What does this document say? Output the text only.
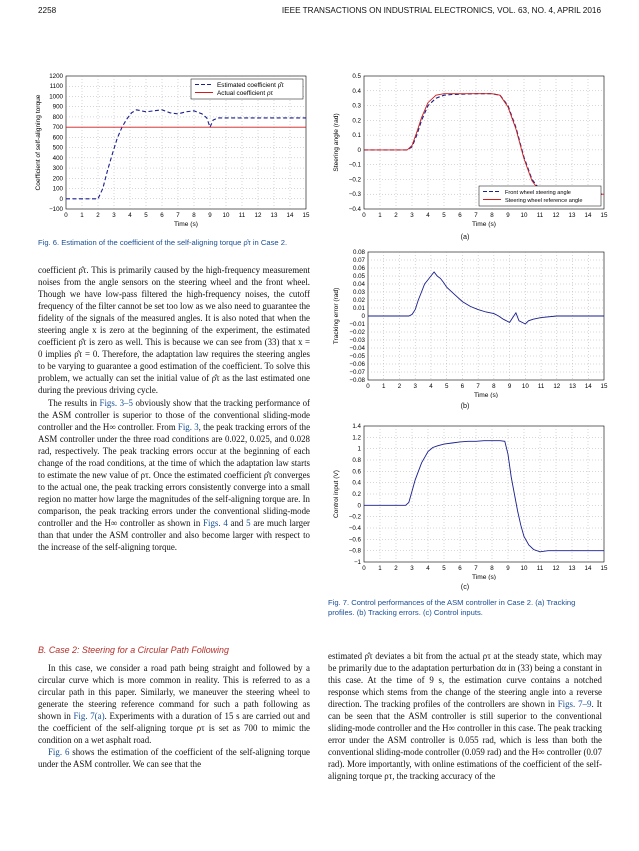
2258	IEEE TRANSACTIONS ON INDUSTRIAL ELECTRONICS, VOL. 63, NO. 4, APRIL 2016
0 1 2 3 4 5 6 7 8 9 10 11 12 13 14 15
−100
0
100
200
300
400
500
600
700
800
900
1000
1100
1200
Time (s)
Coefficient of self-aligning torque
Estimated coefficient ρ̂τ
Actual coefficient ρτ
Fig. 6. Estimation of the coefficient of the self-aligning torque ρ̂τ in Case 2.
0 1 2 3 4 5 6 7 8 9 10 11 12 13 14 15
−0.4
−0.3
−0.2
−0.1
0
0.1
0.2
0.3
0.4
0.5
Time (s)
Steering angle (rad)
Front wheel steering angle
Steering wheel reference angle
(a)
0 1 2 3 4 5 6 7 8 9 10 11 12 13 14 15
−0.08
−0.07
−0.06
−0.05
−0.04
−0.03
−0.02
−0.01
0
0.01
0.02
0.03
0.04
0.05
0.06
0.07
0.08
Time (s)
Tracking error (rad)
(b)
0 1 2 3 4 5 6 7 8 9 10 11 12 13 14 15
−1
−0.8
−0.6
−0.4
−0.2
0
0.2
0.4
0.6
0.8
1
1.2
1.4
Time (s)
Control input (V)
(c)
Fig. 7. Control performances of the ASM controller in Case 2. (a) Tracking profiles. (b) Tracking errors. (c) Control inputs.

coefficient ρ̂τ. This is primarily caused by the high-frequency measurement noises from the angle sensors on the steering wheel and the front wheel. Though we have low-pass filtered the high-frequency noises, the cutoff frequency of the filter cannot be set too low as we also need to guarantee the fidelity of the signals of the measured angles. It is also noted that when the steering angle x is zero at the beginning of the experiment, the estimated coefficient ρ̂τ is zero as well. This is because we can see from (33) that x = 0 implies ρ̂τ = 0. Therefore, the adaptation law requires the steering angles to be varying to guarantee a good estimation of the coefficient. To solve this problem, we actually can set the initial value of ρ̂τ as the last estimated one during the previous driving cycle.

The results in Figs. 3–5 obviously show that the tracking performance of the ASM controller is superior to those of the conventional sliding-mode controller and the H∞ controller. From Fig. 3, the peak tracking errors of the ASM controller under the three road conditions are 0.022, 0.025, and 0.028 rad, respectively. The peak tracking errors occur at the beginning of each change of the road conditions, at the time of which the adaptation law starts to estimate the new value of ρτ. Once the estimated coefficient ρ̂τ converges to the actual one, the peak tracking errors consistently converge into a small region no matter how large the magnitudes of the self-aligning torque are. In comparison, the peak tracking errors under the conventional sliding-mode controller and the H∞ controller as shown in Figs. 4 and 5 are much larger than that under the ASM controller and also become larger with respect to the increase of the self-aligning torque.

B. Case 2: Steering for a Circular Path Following

In this case, we consider a road path being straight and followed by a circular curve which is more common in reality. This is referred to as a circular path in this paper. Similarly, we maneuver the steering wheel to generate the steering reference command for such a path following as shown in Fig. 7(a). Experiments with a duration of 15 s are carried out and the coefficient of the self-aligning torque ρτ is set as 700 to mimic the condition on a wet asphalt road.

Fig. 6 shows the estimation of the coefficient of the self-aligning torque under the ASM controller. We can see that the

estimated ρ̂τ deviates a bit from the actual ρτ at the steady state, which may be primarily due to the adaptation perturbation dα in (33) being a constant in this case. At the time of 9 s, the estimation curve contains a notched response which stems from the change of the steering angle into a reverse direction. The tracking profiles of the controllers are shown in Figs. 7–9. It can be seen that the ASM controller is still superior to the conventional sliding-mode controller and the H∞ controller in this case. The peak tracking error under the ASM controller is 0.055 rad, which is less than both the conventional sliding-mode controller (0.059 rad) and the H∞ controller (0.07 rad). More importantly, with online estimations of the coefficient of the self-aligning torque ρτ, the tracking accuracy of the
